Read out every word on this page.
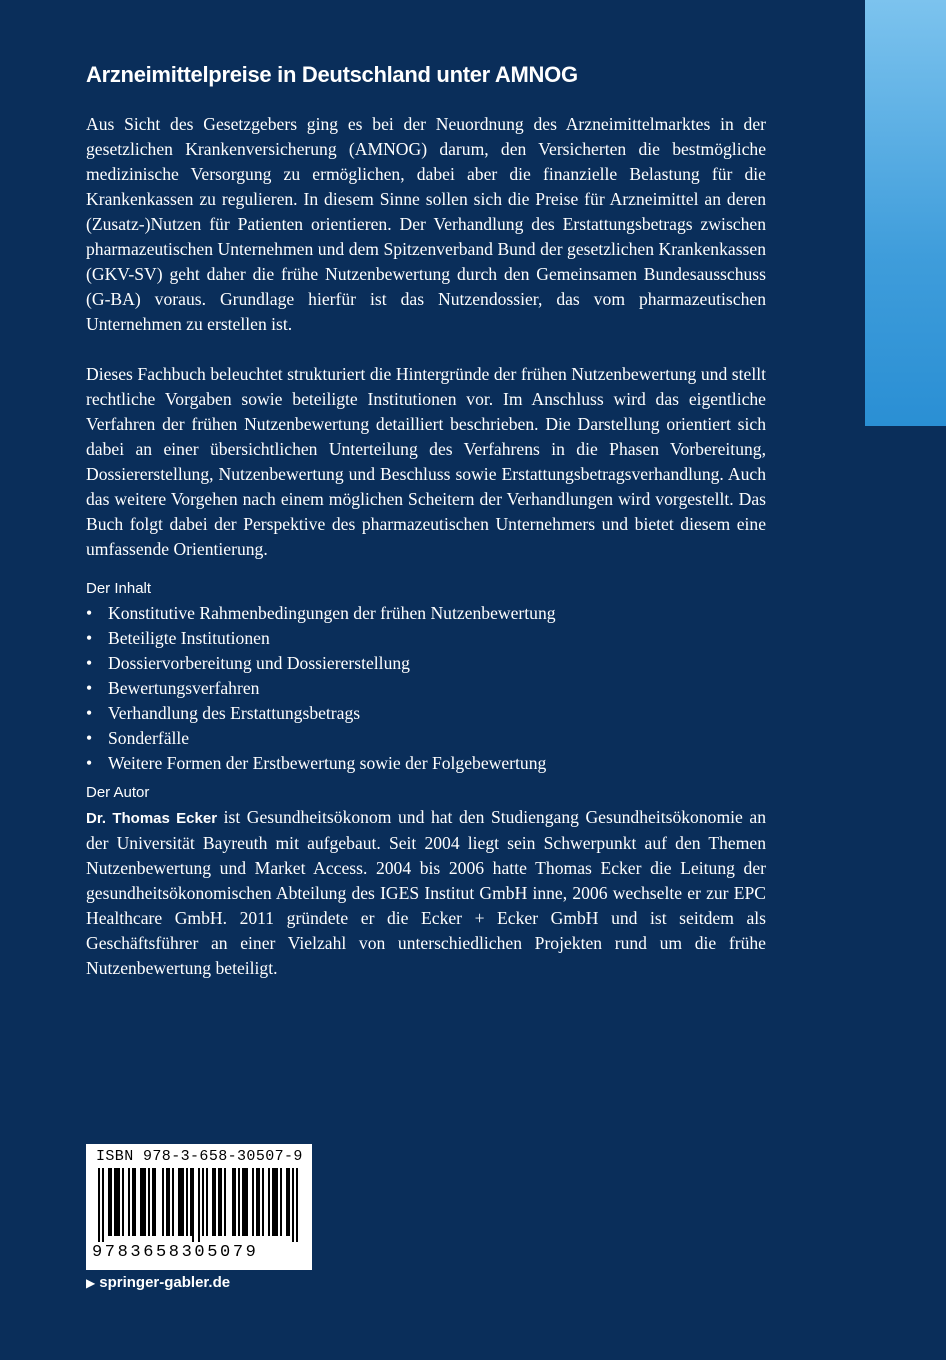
Arzneimittelpreise in Deutschland unter AMNOG

Aus Sicht des Gesetzgebers ging es bei der Neuordnung des Arzneimittelmarktes in der gesetzlichen Krankenversicherung (AMNOG) darum, den Versicherten die bestmögliche medizinische Versorgung zu ermöglichen, dabei aber die finanzielle Belastung für die Krankenkassen zu regulieren. In diesem Sinne sollen sich die Preise für Arzneimittel an deren (Zusatz-)Nutzen für Patienten orientieren. Der Verhandlung des Erstattungsbetrags zwischen pharmazeutischen Unternehmen und dem Spitzenverband Bund der gesetzlichen Krankenkassen (GKV-SV) geht daher die frühe Nutzenbewertung durch den Gemeinsamen Bundesausschuss (G-BA) voraus. Grundlage hierfür ist das Nutzendossier, das vom pharmazeutischen Unternehmen zu erstellen ist.

Dieses Fachbuch beleuchtet strukturiert die Hintergründe der frühen Nutzenbewertung und stellt rechtliche Vorgaben sowie beteiligte Institutionen vor. Im Anschluss wird das eigentliche Verfahren der frühen Nutzenbewertung detailliert beschrieben. Die Darstellung orientiert sich dabei an einer übersichtlichen Unterteilung des Verfahrens in die Phasen Vorbereitung, Dossiererstellung, Nutzenbewertung und Beschluss sowie Erstattungsbetragsverhandlung. Auch das weitere Vorgehen nach einem möglichen Scheitern der Verhandlungen wird vorgestellt. Das Buch folgt dabei der Perspektive des pharmazeutischen Unternehmers und bietet diesem eine umfassende Orientierung.

Der Inhalt
• Konstitutive Rahmenbedingungen der frühen Nutzenbewertung
• Beteiligte Institutionen
• Dossiervorbereitung und Dossiererstellung
• Bewertungsverfahren
• Verhandlung des Erstattungsbetrags
• Sonderfälle
• Weitere Formen der Erstbewertung sowie der Folgebewertung
Der Autor

Dr. Thomas Ecker ist Gesundheitsökonom und hat den Studiengang Gesundheitsökonomie an der Universität Bayreuth mit aufgebaut. Seit 2004 liegt sein Schwerpunkt auf den Themen Nutzenbewertung und Market Access. 2004 bis 2006 hatte Thomas Ecker die Leitung der gesundheitsökonomischen Abteilung des IGES Institut GmbH inne, 2006 wechselte er zur EPC Healthcare GmbH. 2011 gründete er die Ecker + Ecker GmbH und ist seitdem als Geschäftsführer an einer Vielzahl von unterschiedlichen Projekten rund um die frühe Nutzenbewertung beteiligt.

ISBN 978-3-658-30507-9
9783658305079
▶ springer-gabler.de
